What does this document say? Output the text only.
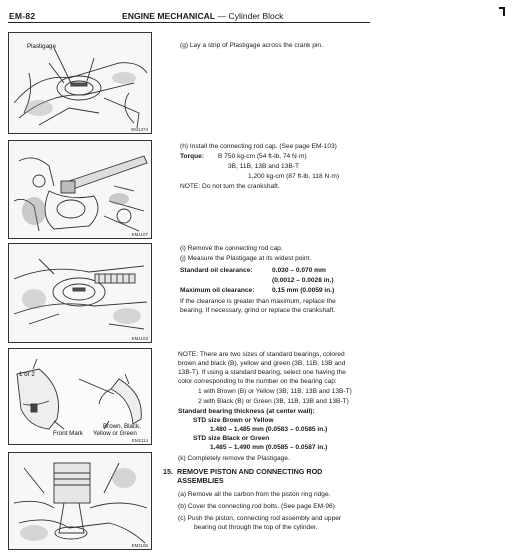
EM-82	ENGINE MECHANICAL — Cylinder Block
Plastigage
EM1374
EM1107
EM1103
1 or 2
Front Mark
Brown, Black,
Yellow or Green
EM1114
EM1106
(g) Lay a strip of Plastigage across the crank pin.
(h) Install the connecting rod cap. (See page EM-103)
Torque: B 750 kg-cm (54 ft-lb, 74 N·m)
3B, 11B, 13B and 13B-T
1,200 kg-cm (87 ft-lb, 118 N·m)
NOTE: Do not turn the crankshaft.
(i) Remove the connecting rod cap.
(j) Measure the Plastigage at its widest point.
Standard oil clearance:	0.030 – 0.070 mm
(0.0012 – 0.0028 in.)
Maximum oil clearance:	0.15 mm (0.0059 in.)
If the clearance is greater than maximum, replace the
bearing. If necessary, grind or replace the crankshaft.
NOTE: There are two sizes of standard bearings, colored
brown and black (B), yellow and green (3B, 11B, 13B and
13B-T). If using a standard bearing, select one having the
color corresponding to the number on the bearing cap:
1 with Brown (B) or Yellow (3B, 11B, 13B and 13B-T)
2 with Black (B) or Green (3B, 11B, 13B and 13B-T)
Standard bearing thickness (at center wall):
STD size Brown or Yellow
1.480 – 1.485 mm (0.0583 – 0.0585 in.)
STD size Black or Green
1.485 – 1.490 mm (0.0585 – 0.0587 in.)
(k) Completely remove the Plastigage.
15. REMOVE PISTON AND CONNECTING ROD
ASSEMBLIES
(a) Remove all the carbon from the piston ring ridge.
(b) Cover the connecting rod bolts. (See page EM-96)
(c) Push the piston, connecting rod assembly and upper
bearing out through the top of the cylinder.
